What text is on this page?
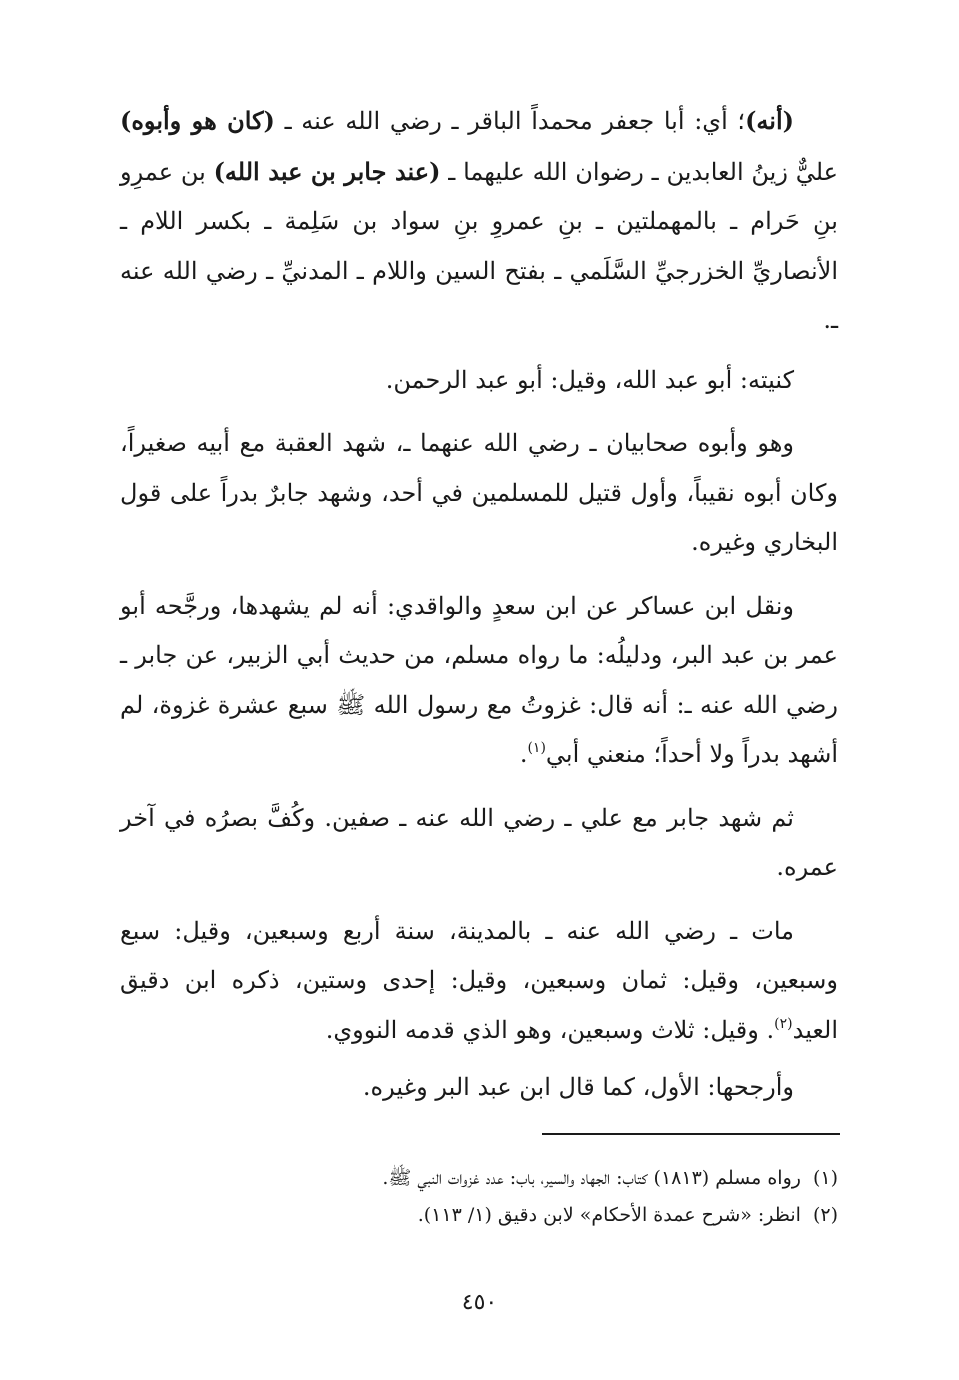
(أنه)؛ أي: أبا جعفر محمداً الباقر ـ رضي الله عنه ـ (كان هو وأبوه) عليٌّ زينُ العابدين ـ رضوان الله عليهما ـ (عند جابر بن عبد الله) بن عمرِو بنِ حَرام ـ بالمهملتين ـ بنِ عمروِ بنِ سواد بن سَلِمة ـ بكسر اللام ـ الأنصاريِّ الخزرجيِّ السَّلَمي ـ بفتح السين واللام ـ المدنيِّ ـ رضي الله عنه ـ.

كنيته: أبو عبد الله، وقيل: أبو عبد الرحمن.

وهو وأبوه صحابيان ـ رضي الله عنهما ـ، شهد العقبة مع أبيه صغيراً، وكان أبوه نقيباً، وأول قتيل للمسلمين في أحد، وشهد جابرٌ بدراً على قول البخاري وغيره.

ونقل ابن عساكر عن ابن سعدٍ والواقدي: أنه لم يشهدها، ورجَّحه أبو عمر بن عبد البر، ودليلُه: ما رواه مسلم، من حديث أبي الزبير، عن جابر ـ رضي الله عنه ـ: أنه قال: غزوتُ مع رسول الله ﷺ سبع عشرة غزوة، لم أشهد بدراً ولا أحداً؛ منعني أبي$^{(١)}$.

ثم شهد جابر مع علي ـ رضي الله عنه ـ صفين. وكُفَّ بصرُه في آخر عمره.

مات ـ رضي الله عنه ـ بالمدينة، سنة أربع وسبعين، وقيل: سبع وسبعين، وقيل: ثمان وسبعين، وقيل: إحدى وستين، ذكره ابن دقيق العيد$^{(٢)}$. وقيل: ثلاث وسبعين، وهو الذي قدمه النووي.

وأرجحها: الأول، كما قال ابن عبد البر وغيره.

(١)رواه مسلم (١٨١٣) كتاب: الجهاد والسير، باب: عدد غزوات النبي ﷺ.

(٢)انظر: «شرح عمدة الأحكام» لابن دقيق (١/ ١١٣).

٤٥٠
